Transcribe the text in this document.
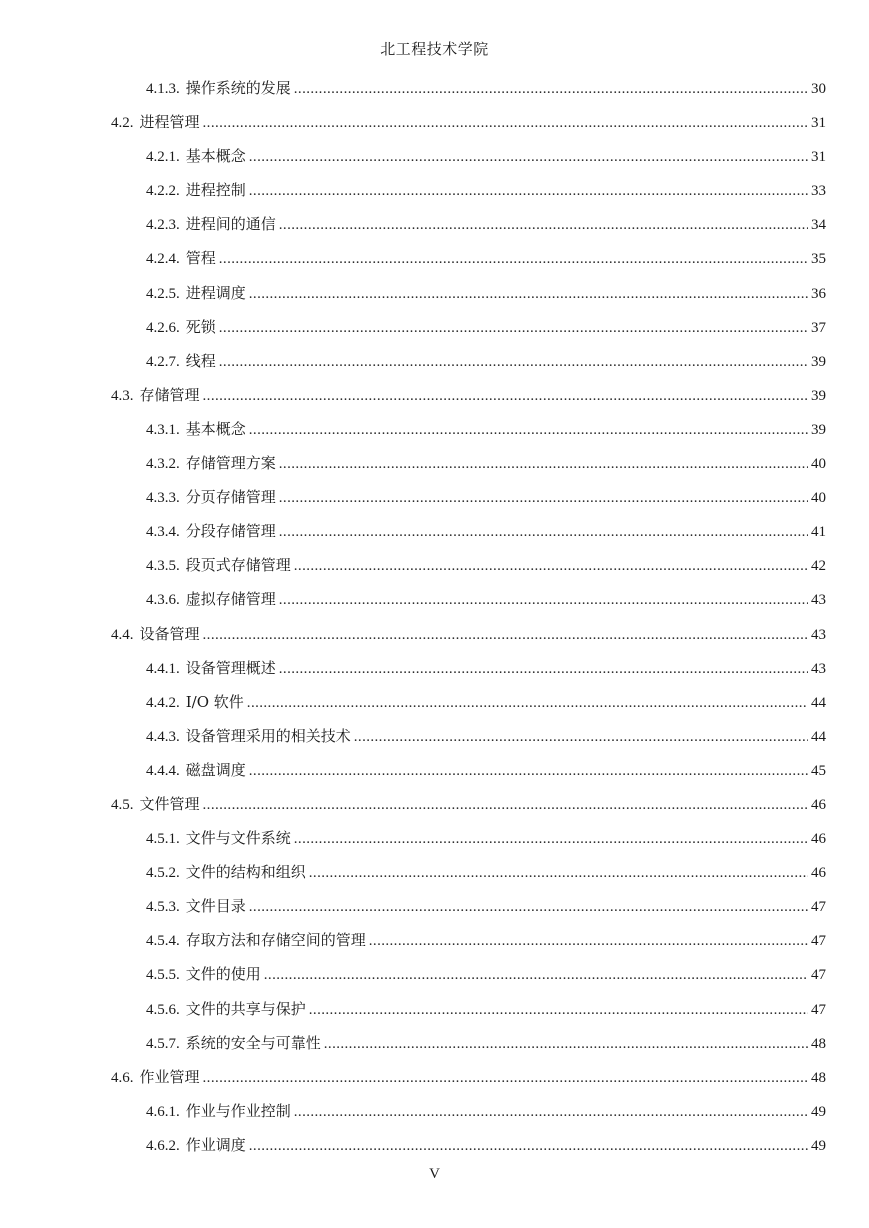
北工程技术学院
4.1.3. 操作系统的发展 .....	30
4.2. 进程管理 .....	31
4.2.1. 基本概念 .....	31
4.2.2. 进程控制 .....	33
4.2.3. 进程间的通信 .....	34
4.2.4. 管程 .....	35
4.2.5. 进程调度 .....	36
4.2.6. 死锁 .....	37
4.2.7. 线程 .....	39
4.3. 存储管理 .....	39
4.3.1. 基本概念 .....	39
4.3.2. 存储管理方案 .....	40
4.3.3. 分页存储管理 .....	40
4.3.4. 分段存储管理 .....	41
4.3.5. 段页式存储管理 .....	42
4.3.6. 虚拟存储管理 .....	43
4.4. 设备管理 .....	43
4.4.1. 设备管理概述 .....	43
4.4.2. I/O 软件 .....	44
4.4.3. 设备管理采用的相关技术 .....	44
4.4.4. 磁盘调度 .....	45
4.5. 文件管理 .....	46
4.5.1. 文件与文件系统 .....	46
4.5.2. 文件的结构和组织 .....	46
4.5.3. 文件目录 .....	47
4.5.4. 存取方法和存储空间的管理 .....	47
4.5.5. 文件的使用 .....	47
4.5.6. 文件的共享与保护 .....	47
4.5.7. 系统的安全与可靠性 .....	48
4.6. 作业管理 .....	48
4.6.1. 作业与作业控制 .....	49
4.6.2. 作业调度 .....	49
V
